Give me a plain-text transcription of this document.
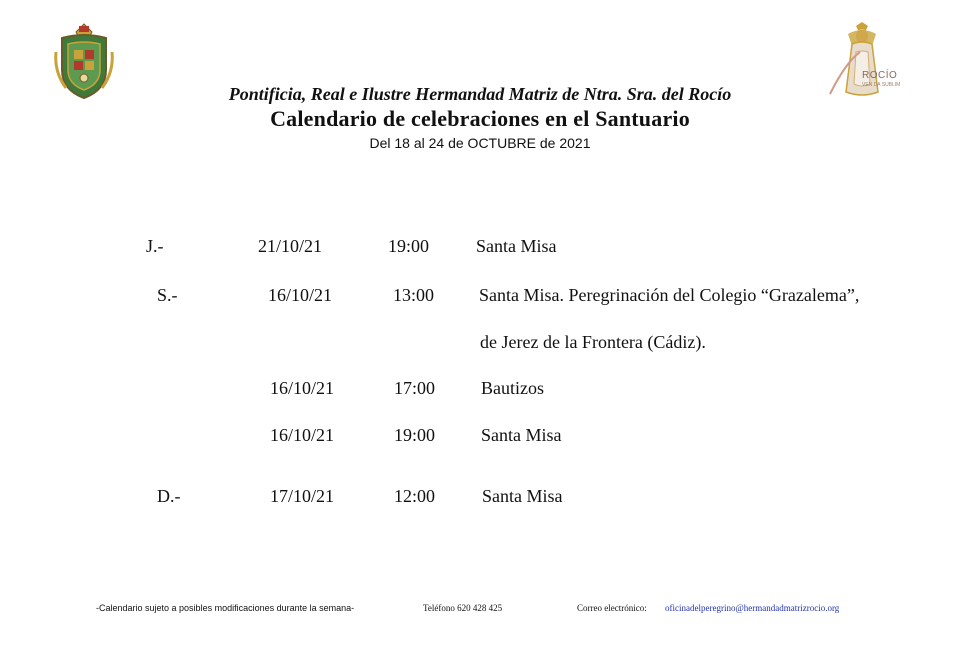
ROCÍO
VEN DA SUBLIM
Pontificia, Real e Ilustre Hermandad Matriz de Ntra. Sra. del Rocío
Calendario de celebraciones en el Santuario
Del 18 al 24 de OCTUBRE de 2021
J.-	21/10/21	19:00	Santa Misa
S.-	16/10/21	13:00 Santa Misa. Peregrinación del Colegio “Grazalema”,
de Jerez de la Frontera (Cádiz).
16/10/21	17:00	Bautizos
16/10/21	19:00	Santa Misa
D.-	17/10/21	12:00	Santa Misa
-Calendario sujeto a posibles modificaciones durante la semana-	Teléfono 620 428 425	Correo electrónico: oficinadelperegrino@hermandadmatrizrocio.org
